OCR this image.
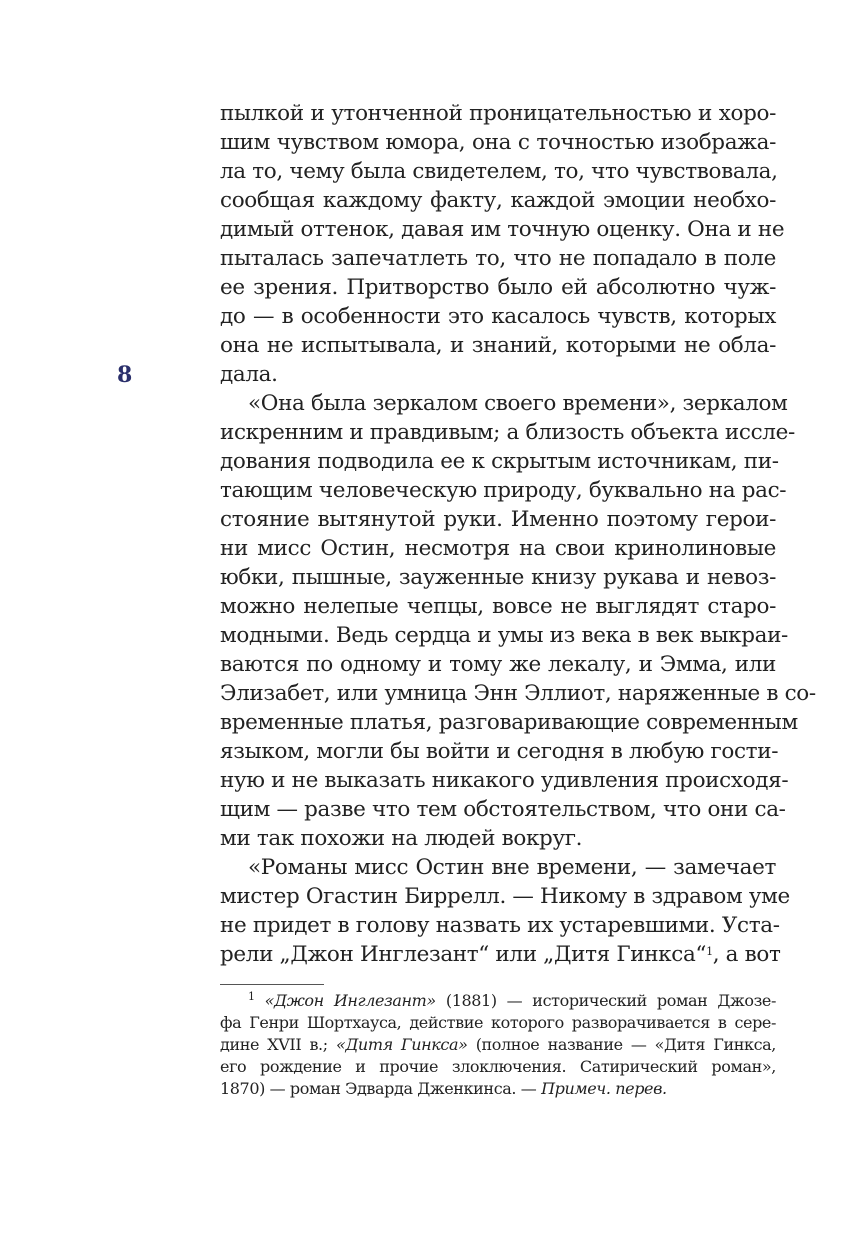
8
пылкой и утонченной проницательностью и хоро-
шим чувством юмора, она с точностью изобража-
ла то, чему была свидетелем, то, что чувствовала,
сообщая каждому факту, каждой эмоции необхо-
димый оттенок, давая им точную оценку. Она и не
пыталась запечатлеть то, что не попадало в поле
ее зрения. Притворство было ей абсолютно чуж-
до — в особенности это касалось чувств, которых
она не испытывала, и знаний, которыми не обла-
дала.
«Она была зеркалом своего времени», зеркалом
искренним и правдивым; а близость объекта иссле-
дования подводила ее к скрытым источникам, пи-
тающим человеческую природу, буквально на рас-
стояние вытянутой руки. Именно поэтому герои-
ни мисс Остин, несмотря на свои кринолиновые
юбки, пышные, зауженные книзу рукава и невоз-
можно нелепые чепцы, вовсе не выглядят старо-
модными. Ведь сердца и умы из века в век выкраи-
ваются по одному и тому же лекалу, и Эмма, или
Элизабет, или умница Энн Эллиот, наряженные в со-
временные платья, разговаривающие современным
языком, могли бы войти и сегодня в любую гости-
ную и не выказать никакого удивления происходя-
щим — разве что тем обстоятельством, что они са-
ми так похожи на людей вокруг.
«Романы мисс Остин вне времени, — замечает
мистер Огастин Биррелл. — Никому в здравом уме
не придет в голову назвать их устаревшими. Уста-
рели „Джон Инглезант“ или „Дитя Гинкса“$^1$, а вот
$^1$ «Джон Инглезант» (1881) — исторический роман Джозе-
фа Генри Шортхауса, действие которого разворачивается в сере-
дине XVII в.; «Дитя Гинкса» (полное название — «Дитя Гинкса,
его рождение и прочие злоключения. Сатирический роман»,
1870) — роман Эдварда Дженкинса. — Примеч. перев.
